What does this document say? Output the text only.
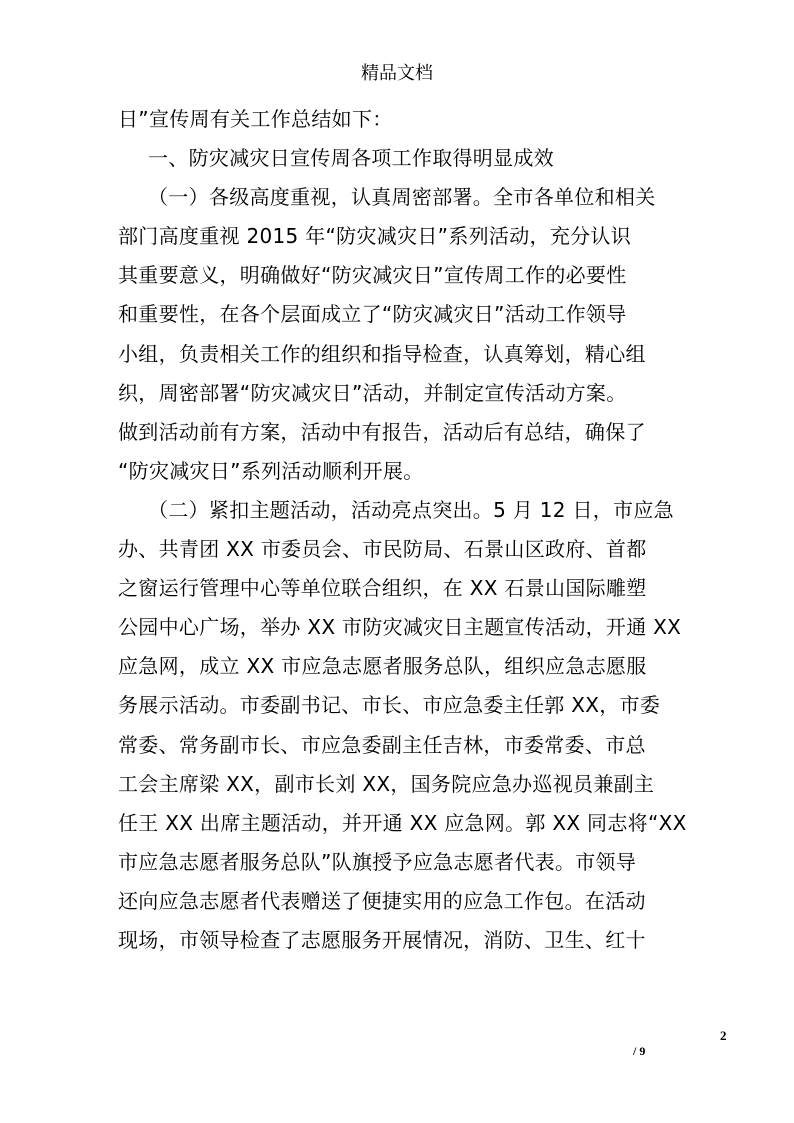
精品文档
日”宣传周有关工作总结如下：
一、防灾减灾日宣传周各项工作取得明显成效
（一）各级高度重视，认真周密部署。全市各单位和相关
部门高度重视 2015 年“防灾减灾日”系列活动，充分认识
其重要意义，明确做好“防灾减灾日”宣传周工作的必要性
和重要性，在各个层面成立了“防灾减灾日”活动工作领导
小组，负责相关工作的组织和指导检查，认真筹划，精心组
织，周密部署“防灾减灾日”活动，并制定宣传活动方案。
做到活动前有方案，活动中有报告，活动后有总结，确保了
“防灾减灾日”系列活动顺利开展。
（二）紧扣主题活动，活动亮点突出。5 月 12 日，市应急
办、共青团 XX 市委员会、市民防局、石景山区政府、首都
之窗运行管理中心等单位联合组织，在 XX 石景山国际雕塑
公园中心广场，举办 XX 市防灾减灾日主题宣传活动，开通 XX
应急网，成立 XX 市应急志愿者服务总队，组织应急志愿服
务展示活动。市委副书记、市长、市应急委主任郭 XX，市委
常委、常务副市长、市应急委副主任吉林，市委常委、市总
工会主席梁 XX，副市长刘 XX，国务院应急办巡视员兼副主
任王 XX 出席主题活动，并开通 XX 应急网。郭 XX 同志将“XX
市应急志愿者服务总队”队旗授予应急志愿者代表。市领导
还向应急志愿者代表赠送了便捷实用的应急工作包。在活动
现场，市领导检查了志愿服务开展情况，消防、卫生、红十
2
/ 9
